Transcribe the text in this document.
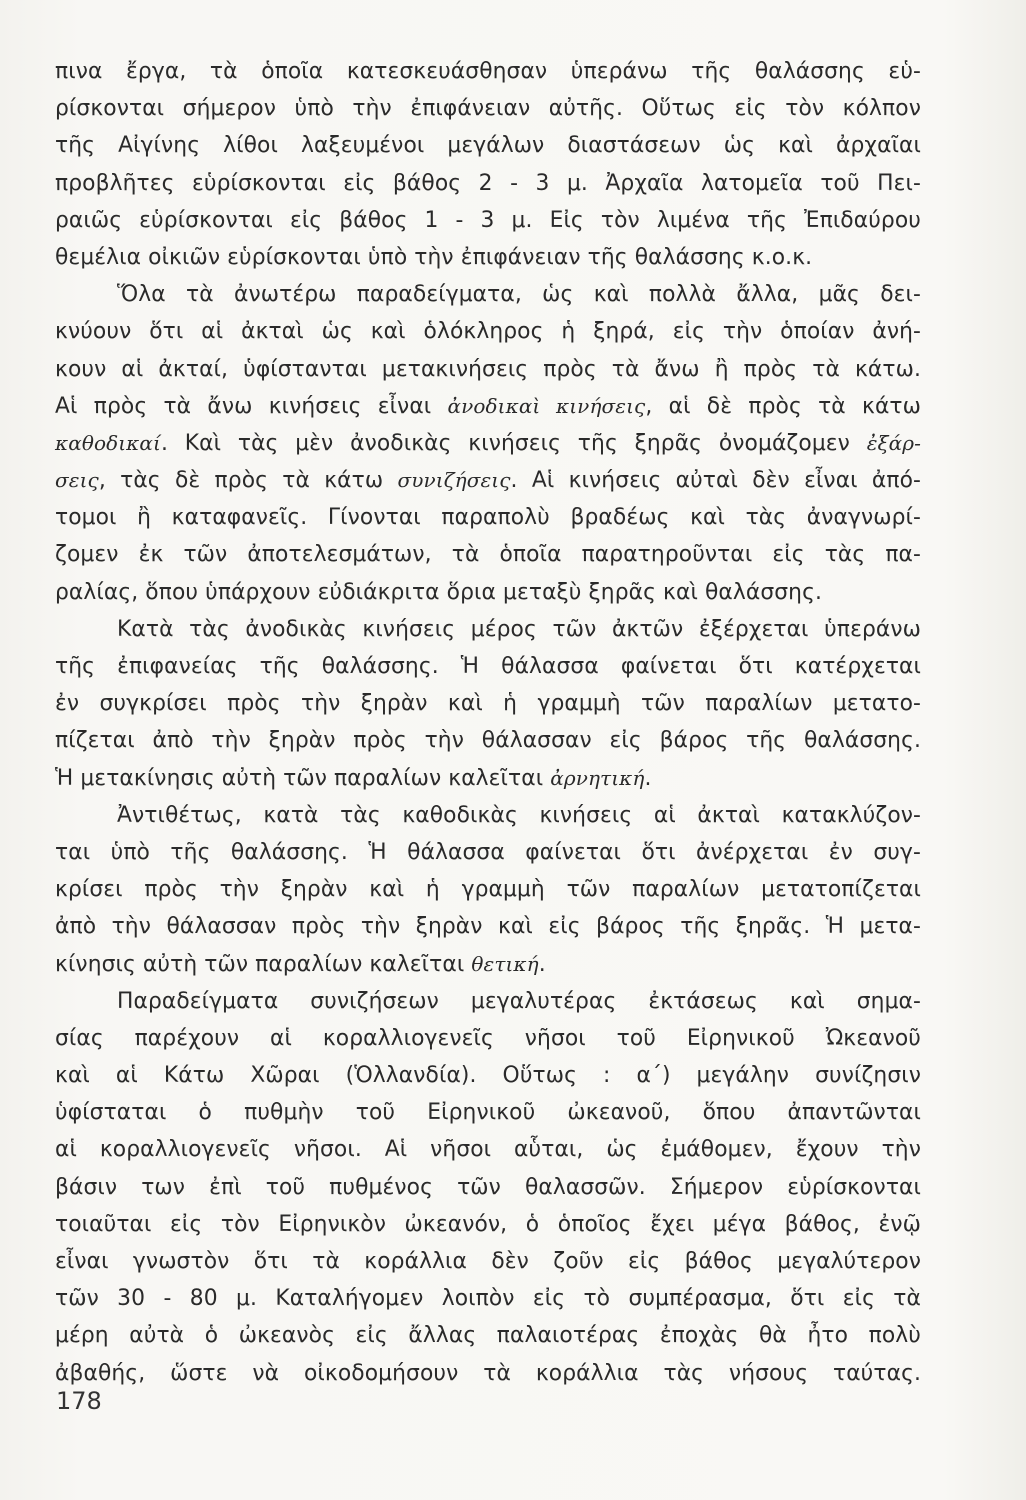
πινα ἔργα, τὰ ὁποῖα κατεσκευάσθησαν ὑπεράνω τῆς θαλάσσης εὑ-
ρίσκονται σήμερον ὑπὸ τὴν ἐπιφάνειαν αὐτῆς. Οὕτως εἰς τὸν κόλπον
τῆς Αἰγίνης λίθοι λαξευμένοι μεγάλων διαστάσεων ὡς καὶ ἀρχαῖαι
προβλῆτες εὑρίσκονται εἰς βάθος 2 - 3 μ. Ἀρχαῖα λατομεῖα τοῦ Πει-
ραιῶς εὑρίσκονται εἰς βάθος 1 - 3 μ. Εἰς τὸν λιμένα τῆς Ἐπιδαύρου
θεμέλια οἰκιῶν εὑρίσκονται ὑπὸ τὴν ἐπιφάνειαν τῆς θαλάσσης κ.ο.κ.

Ὅλα τὰ ἀνωτέρω παραδείγματα, ὡς καὶ πολλὰ ἄλλα, μᾶς δει-
κνύουν ὅτι αἱ ἀκταὶ ὡς καὶ ὁλόκληρος ἡ ξηρά, εἰς τὴν ὁποίαν ἀνή-
κουν αἱ ἀκταί, ὑφίστανται μετακινήσεις πρὸς τὰ ἄνω ἢ πρὸς τὰ κάτω.
Αἱ πρὸς τὰ ἄνω κινήσεις εἶναι ἀνοδικαὶ κινήσεις, αἱ δὲ πρὸς τὰ κάτω
καθοδικαί. Καὶ τὰς μὲν ἀνοδικὰς κινήσεις τῆς ξηρᾶς ὀνομάζομεν ἐξάρ-
σεις, τὰς δὲ πρὸς τὰ κάτω συνιζήσεις. Αἱ κινήσεις αὐταὶ δὲν εἶναι ἀπό-
τομοι ἢ καταφανεῖς. Γίνονται παραπολὺ βραδέως καὶ τὰς ἀναγνωρί-
ζομεν ἐκ τῶν ἀποτελεσμάτων, τὰ ὁποῖα παρατηροῦνται εἰς τὰς πα-
ραλίας, ὅπου ὑπάρχουν εὐδιάκριτα ὅρια μεταξὺ ξηρᾶς καὶ θαλάσσης.

Κατὰ τὰς ἀνοδικὰς κινήσεις μέρος τῶν ἀκτῶν ἐξέρχεται ὑπεράνω
τῆς ἐπιφανείας τῆς θαλάσσης. Ἡ θάλασσα φαίνεται ὅτι κατέρχεται
ἐν συγκρίσει πρὸς τὴν ξηρὰν καὶ ἡ γραμμὴ τῶν παραλίων μετατο-
πίζεται ἀπὸ τὴν ξηρὰν πρὸς τὴν θάλασσαν εἰς βάρος τῆς θαλάσσης.
Ἡ μετακίνησις αὐτὴ τῶν παραλίων καλεῖται ἀρνητική.

Ἀντιθέτως, κατὰ τὰς καθοδικὰς κινήσεις αἱ ἀκταὶ κατακλύζον-
ται ὑπὸ τῆς θαλάσσης. Ἡ θάλασσα φαίνεται ὅτι ἀνέρχεται ἐν συγ-
κρίσει πρὸς τὴν ξηρὰν καὶ ἡ γραμμὴ τῶν παραλίων μετατοπίζεται
ἀπὸ τὴν θάλασσαν πρὸς τὴν ξηρὰν καὶ εἰς βάρος τῆς ξηρᾶς. Ἡ μετα-
κίνησις αὐτὴ τῶν παραλίων καλεῖται θετική.

Παραδείγματα συνιζήσεων μεγαλυτέρας ἐκτάσεως καὶ σημα-
σίας παρέχουν αἱ κοραλλιογενεῖς νῆσοι τοῦ Εἰρηνικοῦ Ὠκεανοῦ
καὶ αἱ Κάτω Χῶραι (Ὁλλανδία). Οὕτως : α΄) μεγάλην συνίζησιν
ὑφίσταται ὁ πυθμὴν τοῦ Εἰρηνικοῦ ὠκεανοῦ, ὅπου ἀπαντῶνται
αἱ κοραλλιογενεῖς νῆσοι. Αἱ νῆσοι αὗται, ὡς ἐμάθομεν, ἔχουν τὴν
βάσιν των ἐπὶ τοῦ πυθμένος τῶν θαλασσῶν. Σήμερον εὑρίσκονται
τοιαῦται εἰς τὸν Εἰρηνικὸν ὠκεανόν, ὁ ὁποῖος ἔχει μέγα βάθος, ἐνῷ
εἶναι γνωστὸν ὅτι τὰ κοράλλια δὲν ζοῦν εἰς βάθος μεγαλύτερον
τῶν 30 - 80 μ. Καταλήγομεν λοιπὸν εἰς τὸ συμπέρασμα, ὅτι εἰς τὰ
μέρη αὐτὰ ὁ ὠκεανὸς εἰς ἄλλας παλαιοτέρας ἐποχὰς θὰ ἦτο πολὺ
ἀβαθής, ὥστε νὰ οἰκοδομήσουν τὰ κοράλλια τὰς νήσους ταύτας.

178
